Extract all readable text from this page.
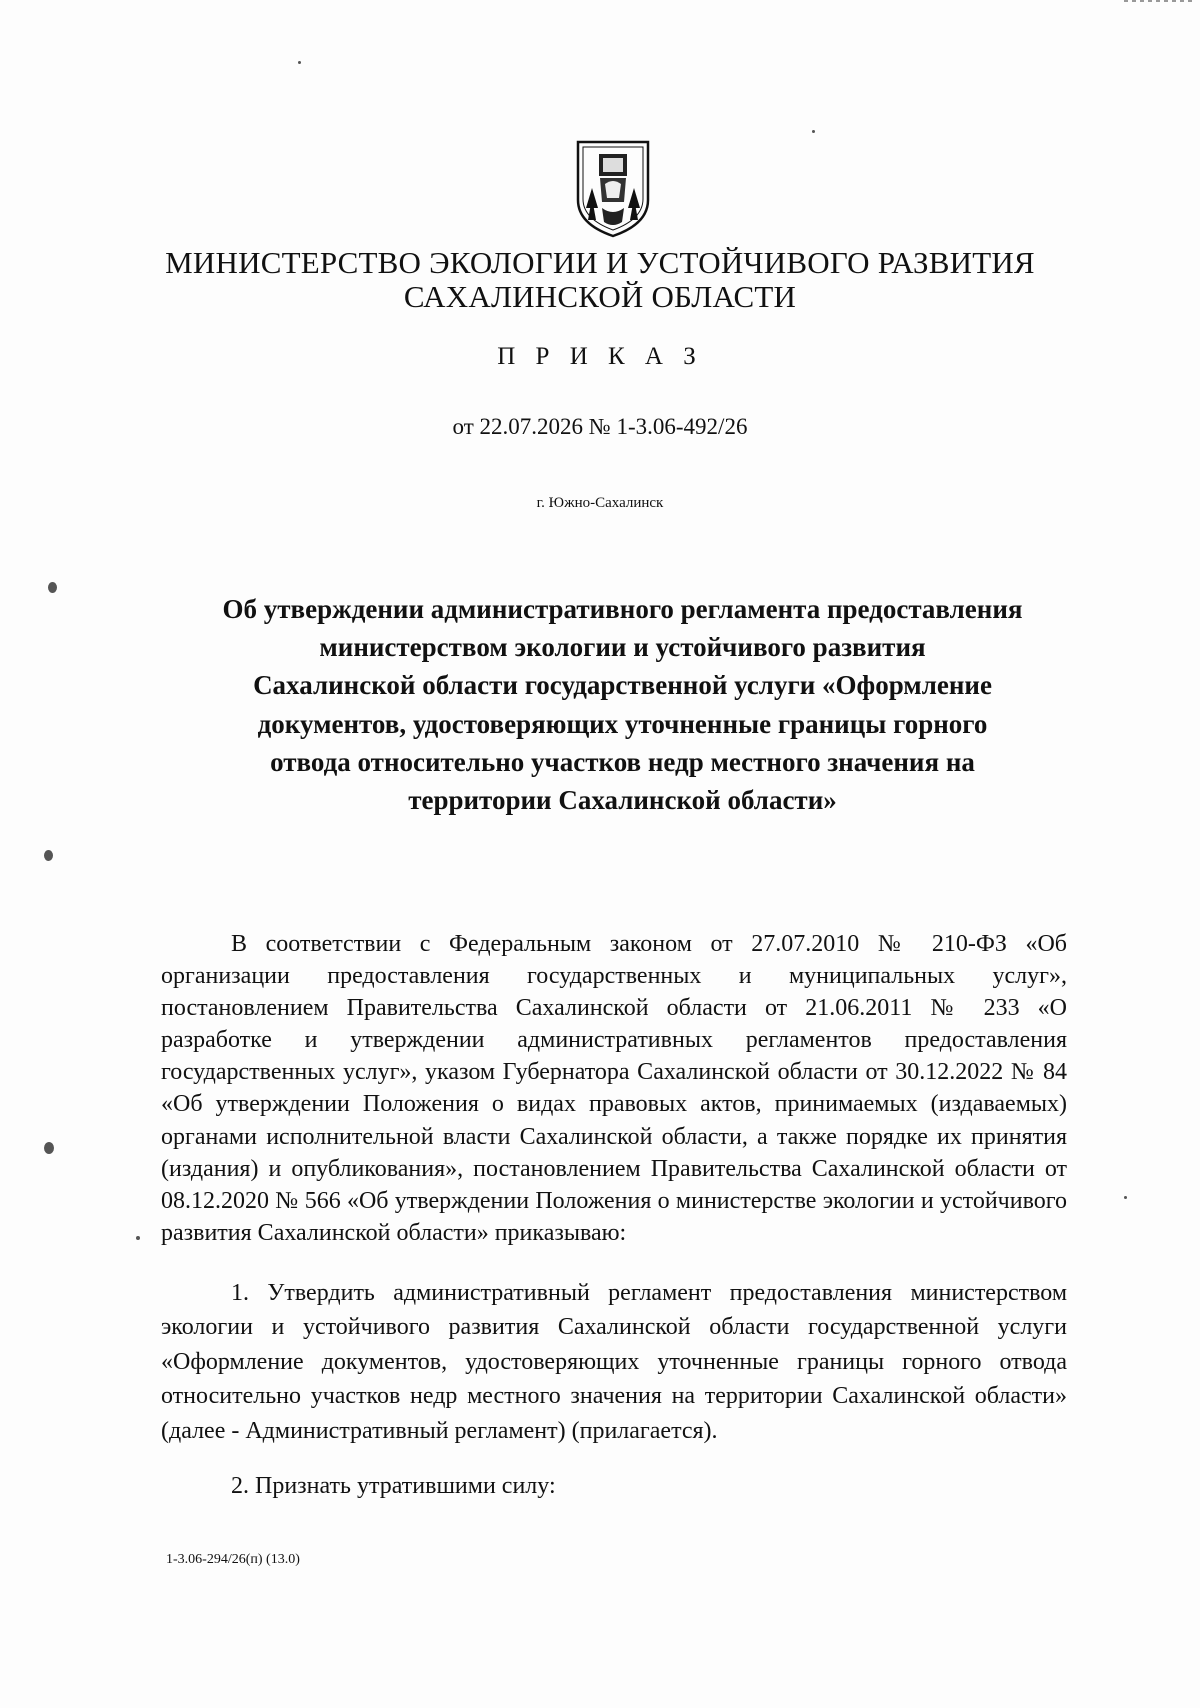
МИНИСТЕРСТВО ЭКОЛОГИИ И УСТОЙЧИВОГО РАЗВИТИЯ
САХАЛИНСКОЙ ОБЛАСТИ
П Р И К А З
от 22.07.2026 № 1-3.06-492/26
г. Южно-Сахалинск
Об утверждении административного регламента предоставления
министерством экологии и устойчивого развития
Сахалинской области государственной услуги «Оформление
документов, удостоверяющих уточненные границы горного
отвода относительно участков недр местного значения на
территории Сахалинской области»
В соответствии с Федеральным законом от 27.07.2010 № 210-ФЗ «Об организации предоставления государственных и муниципальных услуг», постановлением Правительства Сахалинской области от 21.06.2011 № 233 «О разработке и утверждении административных регламентов предоставления государственных услуг», указом Губернатора Сахалинской области от 30.12.2022 № 84 «Об утверждении Положения о видах правовых актов, принимаемых (издаваемых) органами исполнительной власти Сахалинской области, а также порядке их принятия (издания) и опубликования», постановлением Правительства Сахалинской области от 08.12.2020 № 566 «Об утверждении Положения о министерстве экологии и устойчивого развития Сахалинской области» приказываю:
1. Утвердить административный регламент предоставления министерством экологии и устойчивого развития Сахалинской области государственной услуги «Оформление документов, удостоверяющих уточненные границы горного отвода относительно участков недр местного значения на территории Сахалинской области» (далее - Административный регламент) (прилагается).
2. Признать утратившими силу:
1-3.06-294/26(п) (13.0)
